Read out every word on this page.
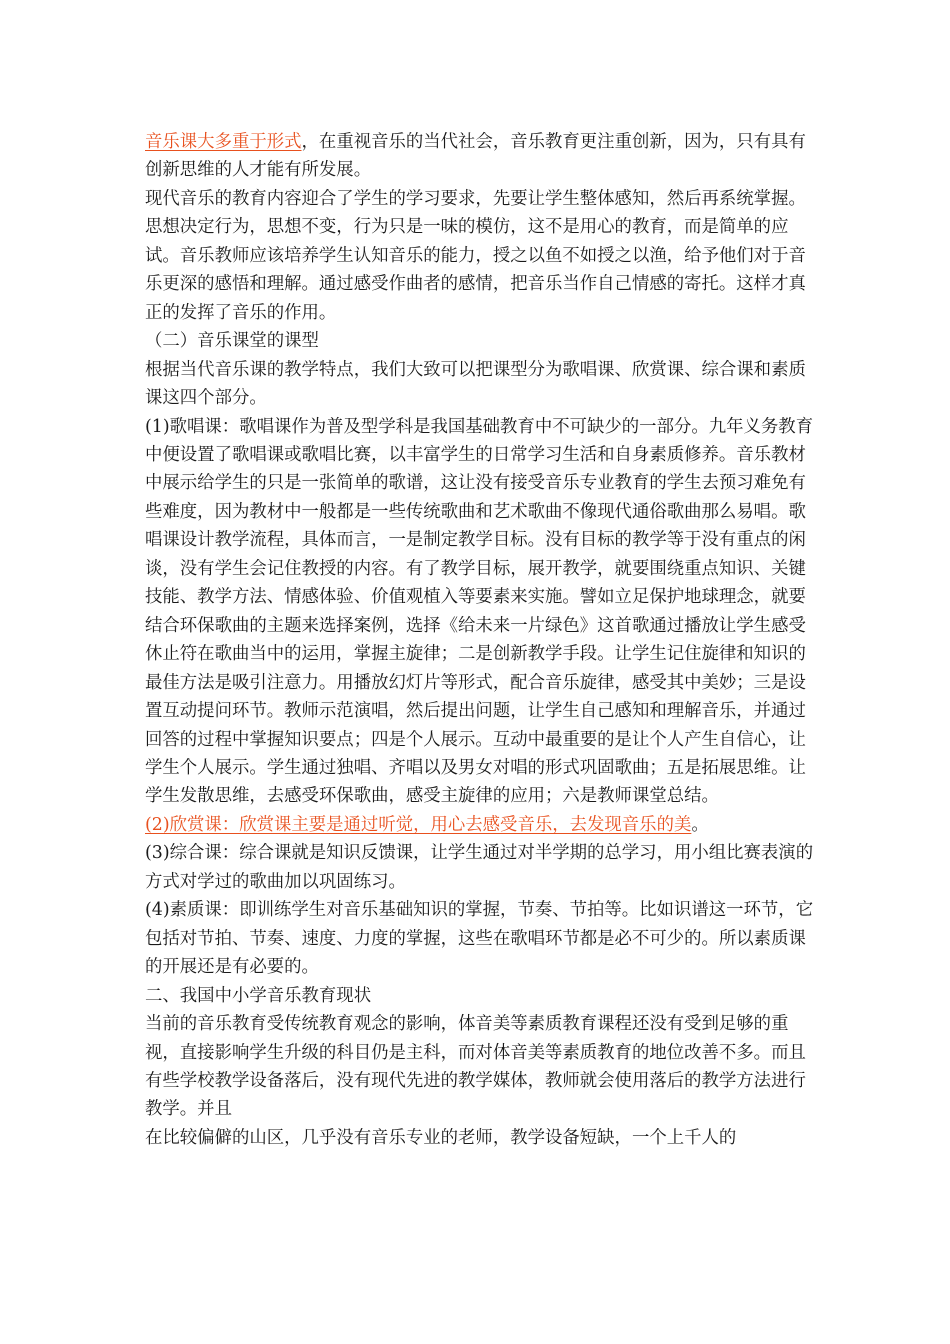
音乐课大多重于形式，在重视音乐的当代社会，音乐教育更注重创新，因为，只有具有创新思维的人才能有所发展。

现代音乐的教育内容迎合了学生的学习要求，先要让学生整体感知，然后再系统掌握。思想决定行为，思想不变，行为只是一味的模仿，这不是用心的教育，而是简单的应试。音乐教师应该培养学生认知音乐的能力，授之以鱼不如授之以渔，给予他们对于音乐更深的感悟和理解。通过感受作曲者的感情，把音乐当作自己情感的寄托。这样才真正的发挥了音乐的作用。

（二）音乐课堂的课型

根据当代音乐课的教学特点，我们大致可以把课型分为歌唱课、欣赏课、综合课和素质课这四个部分。

(1)歌唱课：歌唱课作为普及型学科是我国基础教育中不可缺少的一部分。九年义务教育中便设置了歌唱课或歌唱比赛，以丰富学生的日常学习生活和自身素质修养。音乐教材中展示给学生的只是一张简单的歌谱，这让没有接受音乐专业教育的学生去预习难免有些难度，因为教材中一般都是一些传统歌曲和艺术歌曲不像现代通俗歌曲那么易唱。歌唱课设计教学流程，具体而言，一是制定教学目标。没有目标的教学等于没有重点的闲谈，没有学生会记住教授的内容。有了教学目标，展开教学，就要围绕重点知识、关键技能、教学方法、情感体验、价值观植入等要素来实施。譬如立足保护地球理念，就要结合环保歌曲的主题来选择案例，选择《给未来一片绿色》这首歌通过播放让学生感受休止符在歌曲当中的运用，掌握主旋律；二是创新教学手段。让学生记住旋律和知识的最佳方法是吸引注意力。用播放幻灯片等形式，配合音乐旋律，感受其中美妙；三是设置互动提问环节。教师示范演唱，然后提出问题，让学生自己感知和理解音乐，并通过回答的过程中掌握知识要点；四是个人展示。互动中最重要的是让个人产生自信心，让学生个人展示。学生通过独唱、齐唱以及男女对唱的形式巩固歌曲；五是拓展思维。让学生发散思维，去感受环保歌曲，感受主旋律的应用；六是教师课堂总结。

(2)欣赏课：欣赏课主要是通过听觉，用心去感受音乐，去发现音乐的美。

(3)综合课：综合课就是知识反馈课，让学生通过对半学期的总学习，用小组比赛表演的方式对学过的歌曲加以巩固练习。

(4)素质课：即训练学生对音乐基础知识的掌握，节奏、节拍等。比如识谱这一环节，它包括对节拍、节奏、速度、力度的掌握，这些在歌唱环节都是必不可少的。所以素质课的开展还是有必要的。

二、我国中小学音乐教育现状

当前的音乐教育受传统教育观念的影响，体音美等素质教育课程还没有受到足够的重视，直接影响学生升级的科目仍是主科，而对体音美等素质教育的地位改善不多。而且有些学校教学设备落后，没有现代先进的教学媒体，教师就会使用落后的教学方法进行教学。并且

在比较偏僻的山区，几乎没有音乐专业的老师，教学设备短缺，一个上千人的
